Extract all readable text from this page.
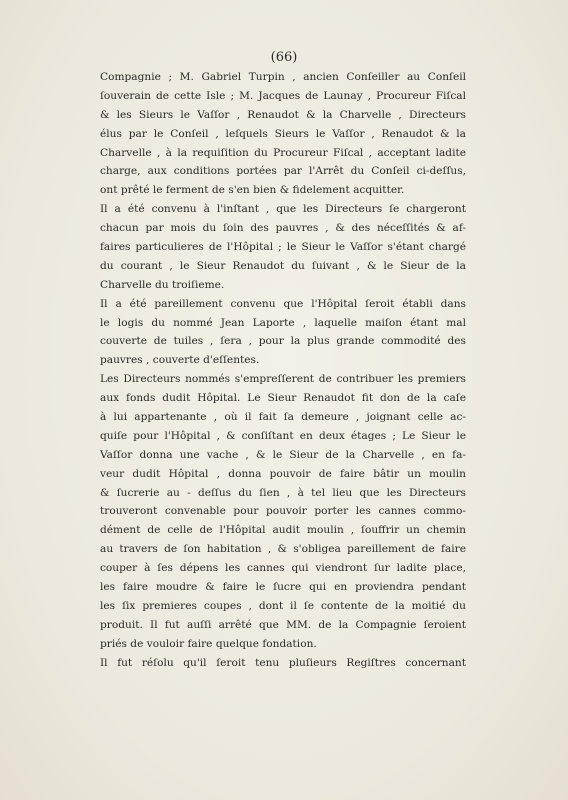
(66)
Compagnie ; M. Gabriel Turpin , ancien Conſeiller au Conſeil
ſouverain de cette Isle ; M. Jacques de Launay , Procureur Fiſcal
& les Sieurs le Vaſſor , Renaudot & la Charvelle , Directeurs
élus par le Conſeil , leſquels Sieurs le Vaſſor , Renaudot & la
Charvelle , à la requiſition du Procureur Fiſcal , acceptant ladite
charge, aux conditions portées par l'Arrêt du Conſeil ci-deſſus,
ont prêté le ferment de s'en bien & fidelement acquitter.
Il a été convenu à l'inſtant , que les Directeurs ſe chargeront
chacun par mois du ſoin des pauvres , & des néceſſités & af-
faires particulieres de l'Hôpital ; le Sieur le Vaſſor s'étant chargé
du courant , le Sieur Renaudot du ſuivant , & le Sieur de la
Charvelle du troiſieme.
Il a été pareillement convenu que l'Hôpital ſeroit établi dans
le logis du nommé Jean Laporte , laquelle maiſon étant mal
couverte de tuiles , ſera , pour la plus grande commodité des
pauvres , couverte d'eſſentes.
Les Directeurs nommés s'empreſſerent de contribuer les premiers
aux fonds dudit Hôpital. Le Sieur Renaudot fit don de la caſe
à lui appartenante , où il fait ſa demeure , joignant celle ac-
quiſe pour l'Hôpital , & conſiſtant en deux étages ; Le Sieur le
Vaſſor donna une vache , & le Sieur de la Charvelle , en fa-
veur dudit Hôpital , donna pouvoir de faire bâtir un moulin
& ſucrerie au - deſſus du ſien , à tel lieu que les Directeurs
trouveront convenable pour pouvoir porter les cannes commo-
dément de celle de l'Hôpital audit moulin , ſouffrir un chemin
au travers de ſon habitation , & s'obligea pareillement de faire
couper à ſes dépens les cannes qui viendront ſur ladite place,
les faire moudre & faire le ſucre qui en proviendra pendant
les ſix premieres coupes , dont il ſe contente de la moitié du
produit. Il fut auſſi arrêté que MM. de la Compagnie ſeroient
priés de vouloir faire quelque fondation.
Il fut réſolu qu'il ſeroit tenu pluſieurs Regiſtres concernant
